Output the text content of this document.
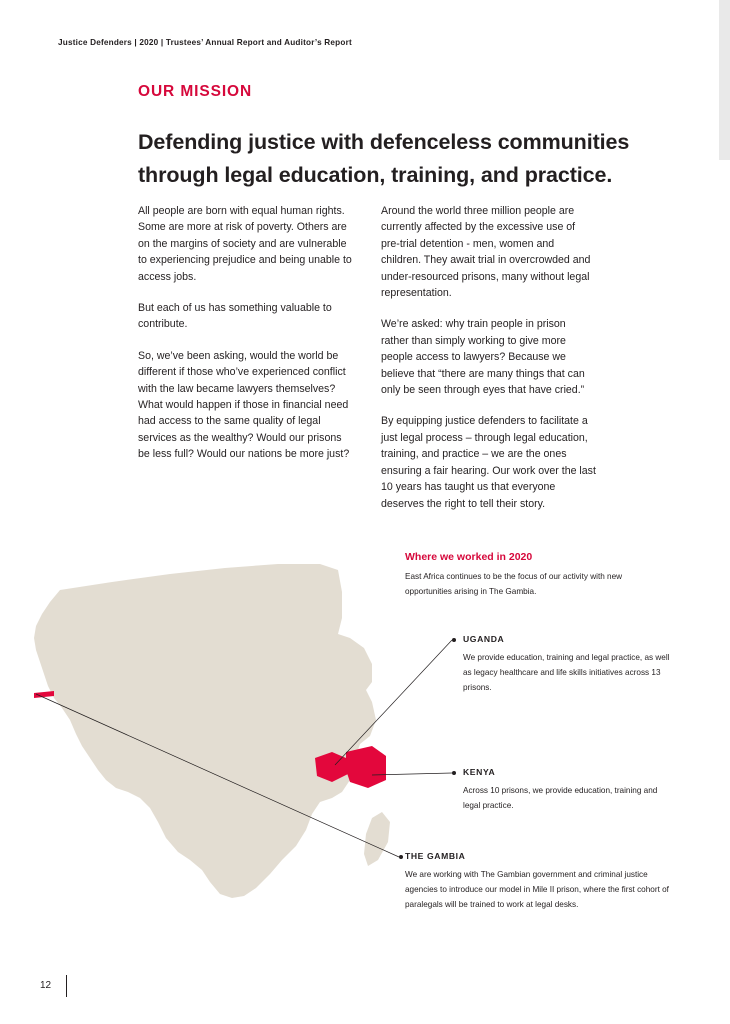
Justice Defenders | 2020 | Trustees’ Annual Report and Auditor’s Report
OUR MISSION
Defending justice with defenceless communities through legal education, training, and practice.

All people are born with equal human rights. Some are more at risk of poverty. Others are on the margins of society and are vulnerable to experiencing prejudice and being unable to access jobs.

But each of us has something valuable to contribute.

So, we’ve been asking, would the world be different if those who’ve experienced conflict with the law became lawyers themselves? What would happen if those in financial need had access to the same quality of legal services as the wealthy? Would our prisons be less full? Would our nations be more just?

Around the world three million people are currently affected by the excessive use of pre-trial detention - men, women and children. They await trial in overcrowded and under-resourced prisons, many without legal representation.

We’re asked: why train people in prison rather than simply working to give more people access to lawyers? Because we believe that “there are many things that can only be seen through eyes that have cried.”

By equipping justice defenders to facilitate a just legal process – through legal education, training, and practice – we are the ones ensuring a fair hearing. Our work over the last 10 years has taught us that everyone deserves the right to tell their story.

Where we worked in 2020
East Africa continues to be the focus of our activity with new opportunities arising in The Gambia.
UGANDA
We provide education, training and legal practice, as well as legacy healthcare and life skills initiatives across 13 prisons.
KENYA
Across 10 prisons, we provide education, training and legal practice.
THE GAMBIA
We are working with The Gambian government and criminal justice agencies to introduce our model in Mile II prison, where the first cohort of paralegals will be trained to work at legal desks.
12
